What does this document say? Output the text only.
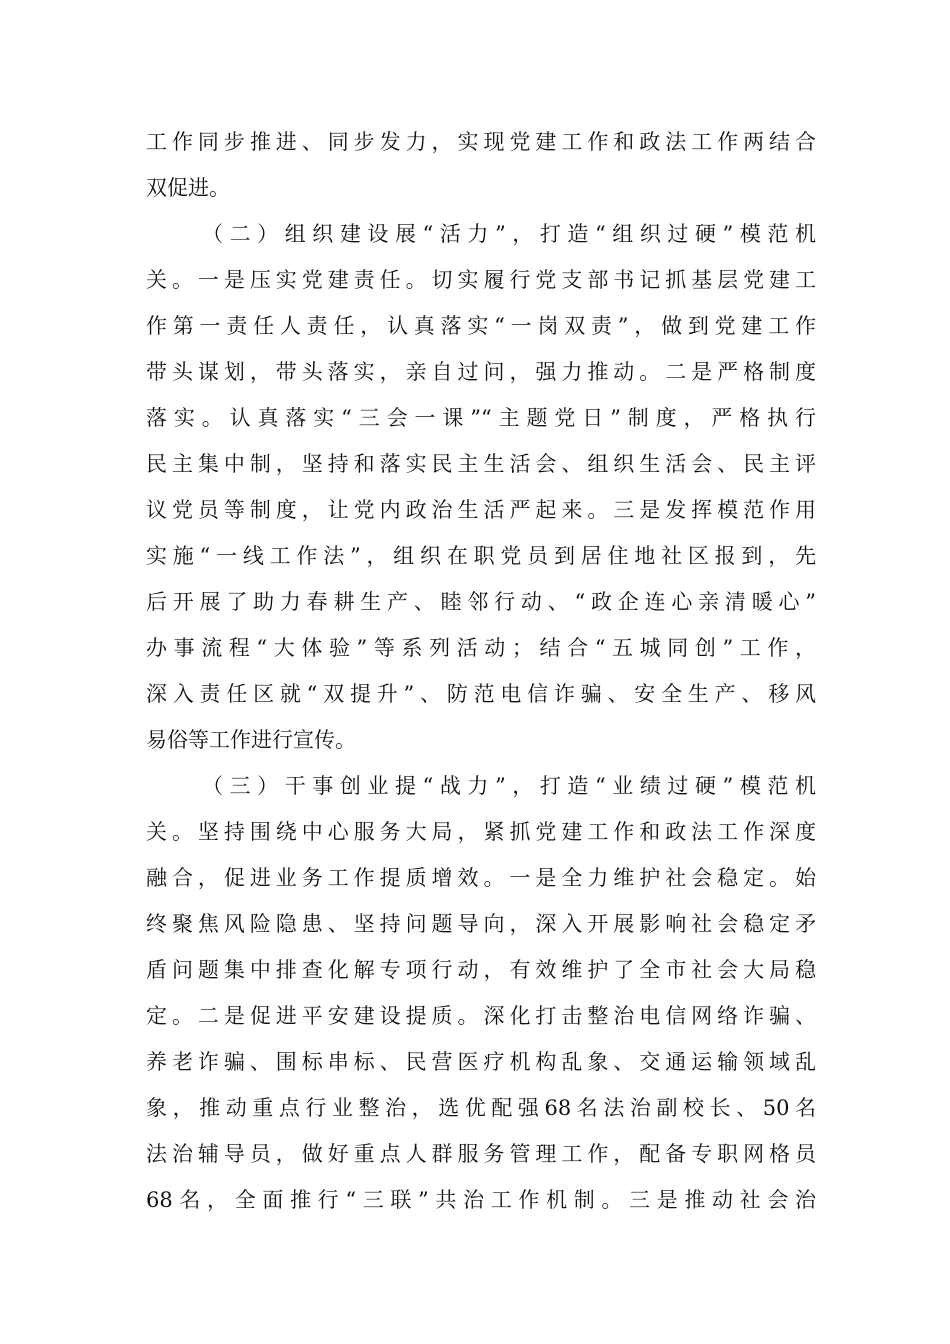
工作同步推进、同步发力，实现党建工作和政法工作两结合
双促进。
（二）组织建设展“活力”，打造“组织过硬”模范机
关。一是压实党建责任。切实履行党支部书记抓基层党建工
作第一责任人责任，认真落实“一岗双责”，做到党建工作
带头谋划，带头落实，亲自过问，强力推动。二是严格制度
落实。认真落实“三会一课”“主题党日”制度，严格执行
民主集中制，坚持和落实民主生活会、组织生活会、民主评
议党员等制度，让党内政治生活严起来。三是发挥模范作用
实施“一线工作法”，组织在职党员到居住地社区报到，先
后开展了助力春耕生产、睦邻行动、“政企连心亲清暖心”
办事流程“大体验”等系列活动；结合“五城同创”工作，
深入责任区就“双提升”、防范电信诈骗、安全生产、移风
易俗等工作进行宣传。
（三）干事创业提“战力”，打造“业绩过硬”模范机
关。坚持围绕中心服务大局，紧抓党建工作和政法工作深度
融合，促进业务工作提质增效。一是全力维护社会稳定。始
终聚焦风险隐患、坚持问题导向，深入开展影响社会稳定矛
盾问题集中排查化解专项行动，有效维护了全市社会大局稳
定。二是促进平安建设提质。深化打击整治电信网络诈骗、
养老诈骗、围标串标、民营医疗机构乱象、交通运输领域乱
象，推动重点行业整治，选优配强68名法治副校长、50名
法治辅导员，做好重点人群服务管理工作，配备专职网格员
68名，全面推行“三联”共治工作机制。三是推动社会治
